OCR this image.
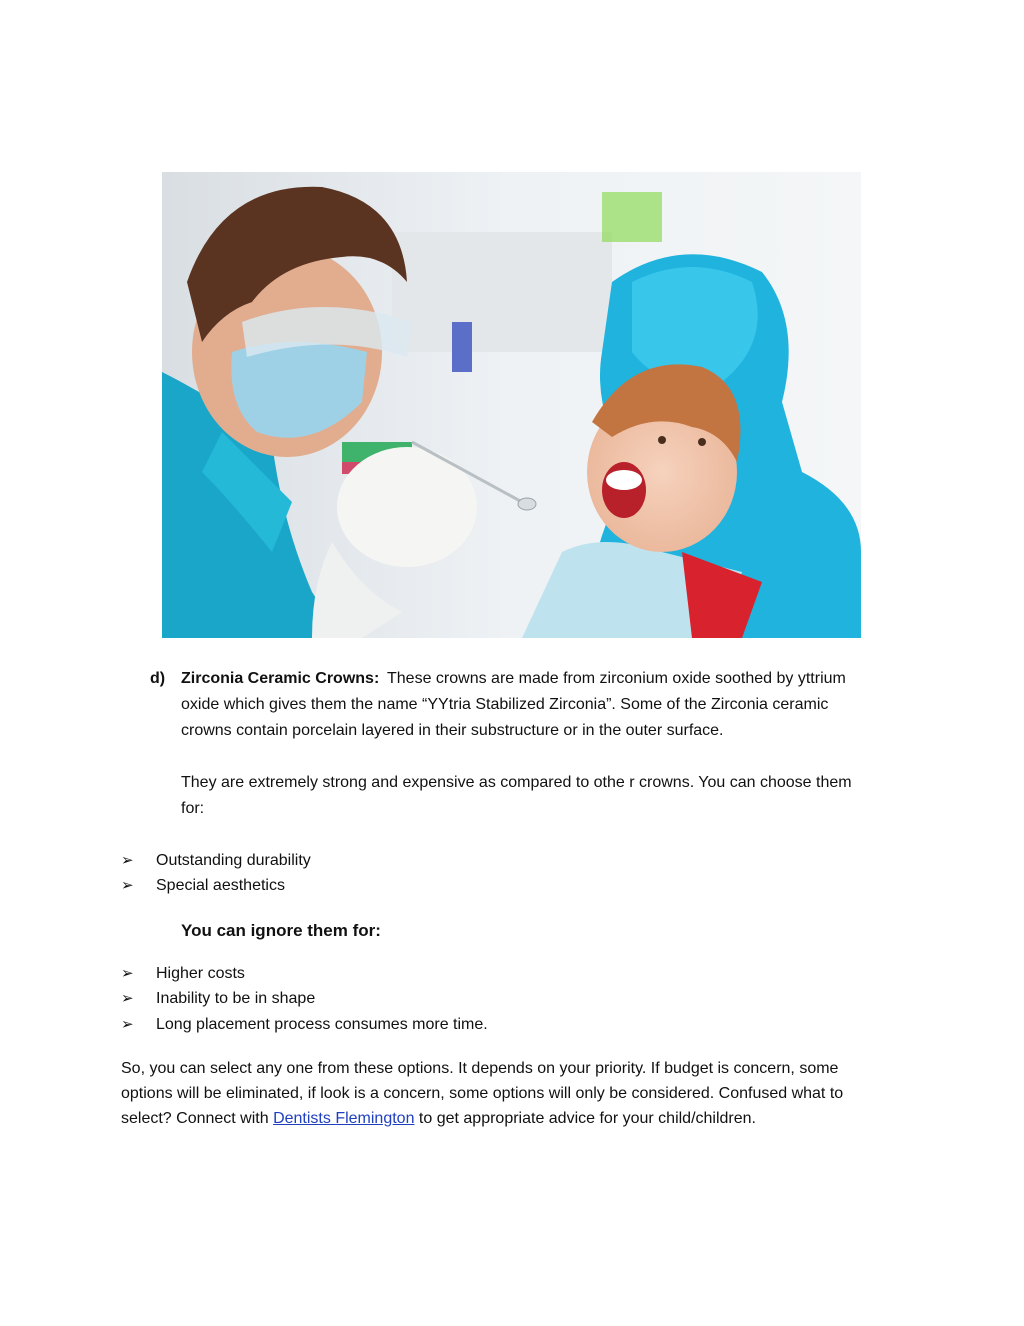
d) Zirconia Ceramic Crowns: These crowns are made from zirconium oxide soothed by yttrium
oxide which gives them the name “YYtria Stabilized Zirconia”. Some of the Zirconia ceramic
crowns contain porcelain layered in their substructure or in the outer surface.
They are extremely strong and expensive as compared to othe r crowns. You can choose them
for:
➢ Outstanding durability
➢ Special aesthetics
You can ignore them for:
➢ Higher costs
➢ Inability to be in shape
➢ Long placement process consumes more time.
So, you can select any one from these options. It depends on your priority. If budget is concern, some
options will be eliminated, if look is a concern, some options will only be considered. Confused what to
select? Connect with Dentists Flemington to get appropriate advice for your child/children.
